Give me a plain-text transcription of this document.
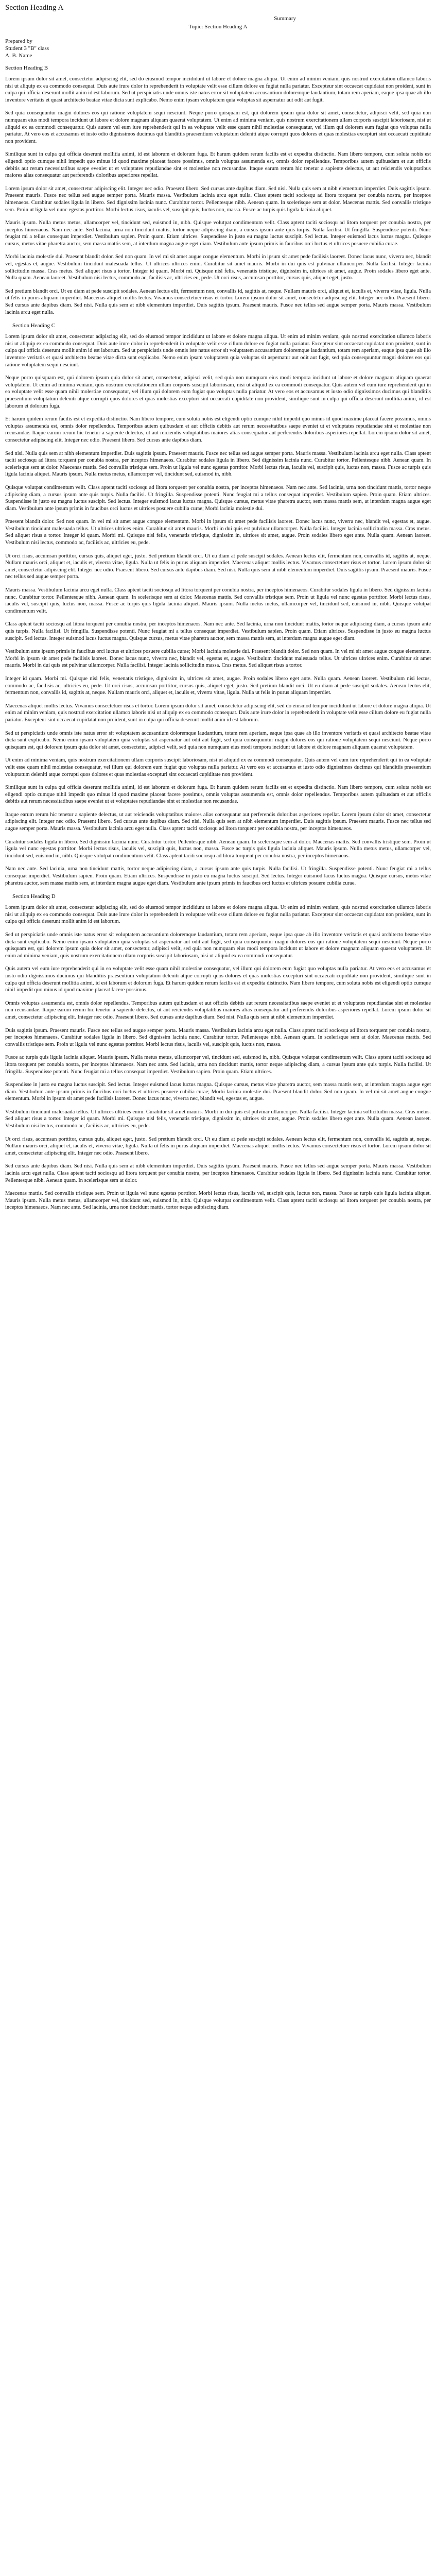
Section Heading A
Summary
Topic: Section Heading A
Prepared by
Student 3 "B" class
A. B. Name
Section Heading B

Lorem ipsum dolor sit amet, consectetur adipiscing elit, sed do eiusmod tempor incididunt ut labore et dolore magna aliqua. Ut enim ad minim veniam, quis nostrud exercitation ullamco laboris nisi ut aliquip ex ea commodo consequat. Duis aute irure dolor in reprehenderit in voluptate velit esse cillum dolore eu fugiat nulla pariatur. Excepteur sint occaecat cupidatat non proident, sunt in culpa qui officia deserunt mollit anim id est laborum. Sed ut perspiciatis unde omnis iste natus error sit voluptatem accusantium doloremque laudantium, totam rem aperiam, eaque ipsa quae ab illo inventore veritatis et quasi architecto beatae vitae dicta sunt explicabo. Nemo enim ipsam voluptatem quia voluptas sit aspernatur aut odit aut fugit.

Sed quia consequuntur magni dolores eos qui ratione voluptatem sequi nesciunt. Neque porro quisquam est, qui dolorem ipsum quia dolor sit amet, consectetur, adipisci velit, sed quia non numquam eius modi tempora incidunt ut labore et dolore magnam aliquam quaerat voluptatem. Ut enim ad minima veniam, quis nostrum exercitationem ullam corporis suscipit laboriosam, nisi ut aliquid ex ea commodi consequatur. Quis autem vel eum iure reprehenderit qui in ea voluptate velit esse quam nihil molestiae consequatur, vel illum qui dolorem eum fugiat quo voluptas nulla pariatur. At vero eos et accusamus et iusto odio dignissimos ducimus qui blanditiis praesentium voluptatum deleniti atque corrupti quos dolores et quas molestias excepturi sint occaecati cupiditate non provident.

Similique sunt in culpa qui officia deserunt mollitia animi, id est laborum et dolorum fuga. Et harum quidem rerum facilis est et expedita distinctio. Nam libero tempore, cum soluta nobis est eligendi optio cumque nihil impedit quo minus id quod maxime placeat facere possimus, omnis voluptas assumenda est, omnis dolor repellendus. Temporibus autem quibusdam et aut officiis debitis aut rerum necessitatibus saepe eveniet ut et voluptates repudiandae sint et molestiae non recusandae. Itaque earum rerum hic tenetur a sapiente delectus, ut aut reiciendis voluptatibus maiores alias consequatur aut perferendis doloribus asperiores repellat.

Lorem ipsum dolor sit amet, consectetur adipiscing elit. Integer nec odio. Praesent libero. Sed cursus ante dapibus diam. Sed nisi. Nulla quis sem at nibh elementum imperdiet. Duis sagittis ipsum. Praesent mauris. Fusce nec tellus sed augue semper porta. Mauris massa. Vestibulum lacinia arcu eget nulla. Class aptent taciti sociosqu ad litora torquent per conubia nostra, per inceptos himenaeos. Curabitur sodales ligula in libero. Sed dignissim lacinia nunc. Curabitur tortor. Pellentesque nibh. Aenean quam. In scelerisque sem at dolor. Maecenas mattis. Sed convallis tristique sem. Proin ut ligula vel nunc egestas porttitor. Morbi lectus risus, iaculis vel, suscipit quis, luctus non, massa. Fusce ac turpis quis ligula lacinia aliquet.

Mauris ipsum. Nulla metus metus, ullamcorper vel, tincidunt sed, euismod in, nibh. Quisque volutpat condimentum velit. Class aptent taciti sociosqu ad litora torquent per conubia nostra, per inceptos himenaeos. Nam nec ante. Sed lacinia, urna non tincidunt mattis, tortor neque adipiscing diam, a cursus ipsum ante quis turpis. Nulla facilisi. Ut fringilla. Suspendisse potenti. Nunc feugiat mi a tellus consequat imperdiet. Vestibulum sapien. Proin quam. Etiam ultrices. Suspendisse in justo eu magna luctus suscipit. Sed lectus. Integer euismod lacus luctus magna. Quisque cursus, metus vitae pharetra auctor, sem massa mattis sem, at interdum magna augue eget diam. Vestibulum ante ipsum primis in faucibus orci luctus et ultrices posuere cubilia curae.

Morbi lacinia molestie dui. Praesent blandit dolor. Sed non quam. In vel mi sit amet augue congue elementum. Morbi in ipsum sit amet pede facilisis laoreet. Donec lacus nunc, viverra nec, blandit vel, egestas et, augue. Vestibulum tincidunt malesuada tellus. Ut ultrices ultrices enim. Curabitur sit amet mauris. Morbi in dui quis est pulvinar ullamcorper. Nulla facilisi. Integer lacinia sollicitudin massa. Cras metus. Sed aliquet risus a tortor. Integer id quam. Morbi mi. Quisque nisl felis, venenatis tristique, dignissim in, ultrices sit amet, augue. Proin sodales libero eget ante. Nulla quam. Aenean laoreet. Vestibulum nisi lectus, commodo ac, facilisis ac, ultricies eu, pede. Ut orci risus, accumsan porttitor, cursus quis, aliquet eget, justo.

Sed pretium blandit orci. Ut eu diam at pede suscipit sodales. Aenean lectus elit, fermentum non, convallis id, sagittis at, neque. Nullam mauris orci, aliquet et, iaculis et, viverra vitae, ligula. Nulla ut felis in purus aliquam imperdiet. Maecenas aliquet mollis lectus. Vivamus consectetuer risus et tortor. Lorem ipsum dolor sit amet, consectetur adipiscing elit. Integer nec odio. Praesent libero. Sed cursus ante dapibus diam. Sed nisi. Nulla quis sem at nibh elementum imperdiet. Duis sagittis ipsum. Praesent mauris. Fusce nec tellus sed augue semper porta. Mauris massa. Vestibulum lacinia arcu eget nulla.

Section Heading C

Lorem ipsum dolor sit amet, consectetur adipiscing elit, sed do eiusmod tempor incididunt ut labore et dolore magna aliqua. Ut enim ad minim veniam, quis nostrud exercitation ullamco laboris nisi ut aliquip ex ea commodo consequat. Duis aute irure dolor in reprehenderit in voluptate velit esse cillum dolore eu fugiat nulla pariatur. Excepteur sint occaecat cupidatat non proident, sunt in culpa qui officia deserunt mollit anim id est laborum. Sed ut perspiciatis unde omnis iste natus error sit voluptatem accusantium doloremque laudantium, totam rem aperiam, eaque ipsa quae ab illo inventore veritatis et quasi architecto beatae vitae dicta sunt explicabo. Nemo enim ipsam voluptatem quia voluptas sit aspernatur aut odit aut fugit, sed quia consequuntur magni dolores eos qui ratione voluptatem sequi nesciunt.

Neque porro quisquam est, qui dolorem ipsum quia dolor sit amet, consectetur, adipisci velit, sed quia non numquam eius modi tempora incidunt ut labore et dolore magnam aliquam quaerat voluptatem. Ut enim ad minima veniam, quis nostrum exercitationem ullam corporis suscipit laboriosam, nisi ut aliquid ex ea commodi consequatur. Quis autem vel eum iure reprehenderit qui in ea voluptate velit esse quam nihil molestiae consequatur, vel illum qui dolorem eum fugiat quo voluptas nulla pariatur. At vero eos et accusamus et iusto odio dignissimos ducimus qui blanditiis praesentium voluptatum deleniti atque corrupti quos dolores et quas molestias excepturi sint occaecati cupiditate non provident, similique sunt in culpa qui officia deserunt mollitia animi, id est laborum et dolorum fuga.

Et harum quidem rerum facilis est et expedita distinctio. Nam libero tempore, cum soluta nobis est eligendi optio cumque nihil impedit quo minus id quod maxime placeat facere possimus, omnis voluptas assumenda est, omnis dolor repellendus. Temporibus autem quibusdam et aut officiis debitis aut rerum necessitatibus saepe eveniet ut et voluptates repudiandae sint et molestiae non recusandae. Itaque earum rerum hic tenetur a sapiente delectus, ut aut reiciendis voluptatibus maiores alias consequatur aut perferendis doloribus asperiores repellat. Lorem ipsum dolor sit amet, consectetur adipiscing elit. Integer nec odio. Praesent libero. Sed cursus ante dapibus diam.

Sed nisi. Nulla quis sem at nibh elementum imperdiet. Duis sagittis ipsum. Praesent mauris. Fusce nec tellus sed augue semper porta. Mauris massa. Vestibulum lacinia arcu eget nulla. Class aptent taciti sociosqu ad litora torquent per conubia nostra, per inceptos himenaeos. Curabitur sodales ligula in libero. Sed dignissim lacinia nunc. Curabitur tortor. Pellentesque nibh. Aenean quam. In scelerisque sem at dolor. Maecenas mattis. Sed convallis tristique sem. Proin ut ligula vel nunc egestas porttitor. Morbi lectus risus, iaculis vel, suscipit quis, luctus non, massa. Fusce ac turpis quis ligula lacinia aliquet. Mauris ipsum. Nulla metus metus, ullamcorper vel, tincidunt sed, euismod in, nibh.

Quisque volutpat condimentum velit. Class aptent taciti sociosqu ad litora torquent per conubia nostra, per inceptos himenaeos. Nam nec ante. Sed lacinia, urna non tincidunt mattis, tortor neque adipiscing diam, a cursus ipsum ante quis turpis. Nulla facilisi. Ut fringilla. Suspendisse potenti. Nunc feugiat mi a tellus consequat imperdiet. Vestibulum sapien. Proin quam. Etiam ultrices. Suspendisse in justo eu magna luctus suscipit. Sed lectus. Integer euismod lacus luctus magna. Quisque cursus, metus vitae pharetra auctor, sem massa mattis sem, at interdum magna augue eget diam. Vestibulum ante ipsum primis in faucibus orci luctus et ultrices posuere cubilia curae; Morbi lacinia molestie dui.

Praesent blandit dolor. Sed non quam. In vel mi sit amet augue congue elementum. Morbi in ipsum sit amet pede facilisis laoreet. Donec lacus nunc, viverra nec, blandit vel, egestas et, augue. Vestibulum tincidunt malesuada tellus. Ut ultrices ultrices enim. Curabitur sit amet mauris. Morbi in dui quis est pulvinar ullamcorper. Nulla facilisi. Integer lacinia sollicitudin massa. Cras metus. Sed aliquet risus a tortor. Integer id quam. Morbi mi. Quisque nisl felis, venenatis tristique, dignissim in, ultrices sit amet, augue. Proin sodales libero eget ante. Nulla quam. Aenean laoreet. Vestibulum nisi lectus, commodo ac, facilisis ac, ultricies eu, pede.

Ut orci risus, accumsan porttitor, cursus quis, aliquet eget, justo. Sed pretium blandit orci. Ut eu diam at pede suscipit sodales. Aenean lectus elit, fermentum non, convallis id, sagittis at, neque. Nullam mauris orci, aliquet et, iaculis et, viverra vitae, ligula. Nulla ut felis in purus aliquam imperdiet. Maecenas aliquet mollis lectus. Vivamus consectetuer risus et tortor. Lorem ipsum dolor sit amet, consectetur adipiscing elit. Integer nec odio. Praesent libero. Sed cursus ante dapibus diam. Sed nisi. Nulla quis sem at nibh elementum imperdiet. Duis sagittis ipsum. Praesent mauris. Fusce nec tellus sed augue semper porta.

Mauris massa. Vestibulum lacinia arcu eget nulla. Class aptent taciti sociosqu ad litora torquent per conubia nostra, per inceptos himenaeos. Curabitur sodales ligula in libero. Sed dignissim lacinia nunc. Curabitur tortor. Pellentesque nibh. Aenean quam. In scelerisque sem at dolor. Maecenas mattis. Sed convallis tristique sem. Proin ut ligula vel nunc egestas porttitor. Morbi lectus risus, iaculis vel, suscipit quis, luctus non, massa. Fusce ac turpis quis ligula lacinia aliquet. Mauris ipsum. Nulla metus metus, ullamcorper vel, tincidunt sed, euismod in, nibh. Quisque volutpat condimentum velit.

Class aptent taciti sociosqu ad litora torquent per conubia nostra, per inceptos himenaeos. Nam nec ante. Sed lacinia, urna non tincidunt mattis, tortor neque adipiscing diam, a cursus ipsum ante quis turpis. Nulla facilisi. Ut fringilla. Suspendisse potenti. Nunc feugiat mi a tellus consequat imperdiet. Vestibulum sapien. Proin quam. Etiam ultrices. Suspendisse in justo eu magna luctus suscipit. Sed lectus. Integer euismod lacus luctus magna. Quisque cursus, metus vitae pharetra auctor, sem massa mattis sem, at interdum magna augue eget diam.

Vestibulum ante ipsum primis in faucibus orci luctus et ultrices posuere cubilia curae; Morbi lacinia molestie dui. Praesent blandit dolor. Sed non quam. In vel mi sit amet augue congue elementum. Morbi in ipsum sit amet pede facilisis laoreet. Donec lacus nunc, viverra nec, blandit vel, egestas et, augue. Vestibulum tincidunt malesuada tellus. Ut ultrices ultrices enim. Curabitur sit amet mauris. Morbi in dui quis est pulvinar ullamcorper. Nulla facilisi. Integer lacinia sollicitudin massa. Cras metus. Sed aliquet risus a tortor.

Integer id quam. Morbi mi. Quisque nisl felis, venenatis tristique, dignissim in, ultrices sit amet, augue. Proin sodales libero eget ante. Nulla quam. Aenean laoreet. Vestibulum nisi lectus, commodo ac, facilisis ac, ultricies eu, pede. Ut orci risus, accumsan porttitor, cursus quis, aliquet eget, justo. Sed pretium blandit orci. Ut eu diam at pede suscipit sodales. Aenean lectus elit, fermentum non, convallis id, sagittis at, neque. Nullam mauris orci, aliquet et, iaculis et, viverra vitae, ligula. Nulla ut felis in purus aliquam imperdiet.

Maecenas aliquet mollis lectus. Vivamus consectetuer risus et tortor. Lorem ipsum dolor sit amet, consectetur adipiscing elit, sed do eiusmod tempor incididunt ut labore et dolore magna aliqua. Ut enim ad minim veniam, quis nostrud exercitation ullamco laboris nisi ut aliquip ex ea commodo consequat. Duis aute irure dolor in reprehenderit in voluptate velit esse cillum dolore eu fugiat nulla pariatur. Excepteur sint occaecat cupidatat non proident, sunt in culpa qui officia deserunt mollit anim id est laborum.

Sed ut perspiciatis unde omnis iste natus error sit voluptatem accusantium doloremque laudantium, totam rem aperiam, eaque ipsa quae ab illo inventore veritatis et quasi architecto beatae vitae dicta sunt explicabo. Nemo enim ipsam voluptatem quia voluptas sit aspernatur aut odit aut fugit, sed quia consequuntur magni dolores eos qui ratione voluptatem sequi nesciunt. Neque porro quisquam est, qui dolorem ipsum quia dolor sit amet, consectetur, adipisci velit, sed quia non numquam eius modi tempora incidunt ut labore et dolore magnam aliquam quaerat voluptatem.

Ut enim ad minima veniam, quis nostrum exercitationem ullam corporis suscipit laboriosam, nisi ut aliquid ex ea commodi consequatur. Quis autem vel eum iure reprehenderit qui in ea voluptate velit esse quam nihil molestiae consequatur, vel illum qui dolorem eum fugiat quo voluptas nulla pariatur. At vero eos et accusamus et iusto odio dignissimos ducimus qui blanditiis praesentium voluptatum deleniti atque corrupti quos dolores et quas molestias excepturi sint occaecati cupiditate non provident.

Similique sunt in culpa qui officia deserunt mollitia animi, id est laborum et dolorum fuga. Et harum quidem rerum facilis est et expedita distinctio. Nam libero tempore, cum soluta nobis est eligendi optio cumque nihil impedit quo minus id quod maxime placeat facere possimus, omnis voluptas assumenda est, omnis dolor repellendus. Temporibus autem quibusdam et aut officiis debitis aut rerum necessitatibus saepe eveniet ut et voluptates repudiandae sint et molestiae non recusandae.

Itaque earum rerum hic tenetur a sapiente delectus, ut aut reiciendis voluptatibus maiores alias consequatur aut perferendis doloribus asperiores repellat. Lorem ipsum dolor sit amet, consectetur adipiscing elit. Integer nec odio. Praesent libero. Sed cursus ante dapibus diam. Sed nisi. Nulla quis sem at nibh elementum imperdiet. Duis sagittis ipsum. Praesent mauris. Fusce nec tellus sed augue semper porta. Mauris massa. Vestibulum lacinia arcu eget nulla. Class aptent taciti sociosqu ad litora torquent per conubia nostra, per inceptos himenaeos.

Curabitur sodales ligula in libero. Sed dignissim lacinia nunc. Curabitur tortor. Pellentesque nibh. Aenean quam. In scelerisque sem at dolor. Maecenas mattis. Sed convallis tristique sem. Proin ut ligula vel nunc egestas porttitor. Morbi lectus risus, iaculis vel, suscipit quis, luctus non, massa. Fusce ac turpis quis ligula lacinia aliquet. Mauris ipsum. Nulla metus metus, ullamcorper vel, tincidunt sed, euismod in, nibh. Quisque volutpat condimentum velit. Class aptent taciti sociosqu ad litora torquent per conubia nostra, per inceptos himenaeos.

Nam nec ante. Sed lacinia, urna non tincidunt mattis, tortor neque adipiscing diam, a cursus ipsum ante quis turpis. Nulla facilisi. Ut fringilla. Suspendisse potenti. Nunc feugiat mi a tellus consequat imperdiet. Vestibulum sapien. Proin quam. Etiam ultrices. Suspendisse in justo eu magna luctus suscipit. Sed lectus. Integer euismod lacus luctus magna. Quisque cursus, metus vitae pharetra auctor, sem massa mattis sem, at interdum magna augue eget diam. Vestibulum ante ipsum primis in faucibus orci luctus et ultrices posuere cubilia curae.

Section Heading D

Lorem ipsum dolor sit amet, consectetur adipiscing elit, sed do eiusmod tempor incididunt ut labore et dolore magna aliqua. Ut enim ad minim veniam, quis nostrud exercitation ullamco laboris nisi ut aliquip ex ea commodo consequat. Duis aute irure dolor in reprehenderit in voluptate velit esse cillum dolore eu fugiat nulla pariatur. Excepteur sint occaecat cupidatat non proident, sunt in culpa qui officia deserunt mollit anim id est laborum.

Sed ut perspiciatis unde omnis iste natus error sit voluptatem accusantium doloremque laudantium, totam rem aperiam, eaque ipsa quae ab illo inventore veritatis et quasi architecto beatae vitae dicta sunt explicabo. Nemo enim ipsam voluptatem quia voluptas sit aspernatur aut odit aut fugit, sed quia consequuntur magni dolores eos qui ratione voluptatem sequi nesciunt. Neque porro quisquam est, qui dolorem ipsum quia dolor sit amet, consectetur, adipisci velit, sed quia non numquam eius modi tempora incidunt ut labore et dolore magnam aliquam quaerat voluptatem. Ut enim ad minima veniam, quis nostrum exercitationem ullam corporis suscipit laboriosam, nisi ut aliquid ex ea commodi consequatur.

Quis autem vel eum iure reprehenderit qui in ea voluptate velit esse quam nihil molestiae consequatur, vel illum qui dolorem eum fugiat quo voluptas nulla pariatur. At vero eos et accusamus et iusto odio dignissimos ducimus qui blanditiis praesentium voluptatum deleniti atque corrupti quos dolores et quas molestias excepturi sint occaecati cupiditate non provident, similique sunt in culpa qui officia deserunt mollitia animi, id est laborum et dolorum fuga. Et harum quidem rerum facilis est et expedita distinctio. Nam libero tempore, cum soluta nobis est eligendi optio cumque nihil impedit quo minus id quod maxime placeat facere possimus.

Omnis voluptas assumenda est, omnis dolor repellendus. Temporibus autem quibusdam et aut officiis debitis aut rerum necessitatibus saepe eveniet ut et voluptates repudiandae sint et molestiae non recusandae. Itaque earum rerum hic tenetur a sapiente delectus, ut aut reiciendis voluptatibus maiores alias consequatur aut perferendis doloribus asperiores repellat. Lorem ipsum dolor sit amet, consectetur adipiscing elit. Integer nec odio. Praesent libero. Sed cursus ante dapibus diam. Sed nisi. Nulla quis sem at nibh elementum imperdiet.

Duis sagittis ipsum. Praesent mauris. Fusce nec tellus sed augue semper porta. Mauris massa. Vestibulum lacinia arcu eget nulla. Class aptent taciti sociosqu ad litora torquent per conubia nostra, per inceptos himenaeos. Curabitur sodales ligula in libero. Sed dignissim lacinia nunc. Curabitur tortor. Pellentesque nibh. Aenean quam. In scelerisque sem at dolor. Maecenas mattis. Sed convallis tristique sem. Proin ut ligula vel nunc egestas porttitor. Morbi lectus risus, iaculis vel, suscipit quis, luctus non, massa.

Fusce ac turpis quis ligula lacinia aliquet. Mauris ipsum. Nulla metus metus, ullamcorper vel, tincidunt sed, euismod in, nibh. Quisque volutpat condimentum velit. Class aptent taciti sociosqu ad litora torquent per conubia nostra, per inceptos himenaeos. Nam nec ante. Sed lacinia, urna non tincidunt mattis, tortor neque adipiscing diam, a cursus ipsum ante quis turpis. Nulla facilisi. Ut fringilla. Suspendisse potenti. Nunc feugiat mi a tellus consequat imperdiet. Vestibulum sapien. Proin quam. Etiam ultrices.

Suspendisse in justo eu magna luctus suscipit. Sed lectus. Integer euismod lacus luctus magna. Quisque cursus, metus vitae pharetra auctor, sem massa mattis sem, at interdum magna augue eget diam. Vestibulum ante ipsum primis in faucibus orci luctus et ultrices posuere cubilia curae; Morbi lacinia molestie dui. Praesent blandit dolor. Sed non quam. In vel mi sit amet augue congue elementum. Morbi in ipsum sit amet pede facilisis laoreet. Donec lacus nunc, viverra nec, blandit vel, egestas et, augue.

Vestibulum tincidunt malesuada tellus. Ut ultrices ultrices enim. Curabitur sit amet mauris. Morbi in dui quis est pulvinar ullamcorper. Nulla facilisi. Integer lacinia sollicitudin massa. Cras metus. Sed aliquet risus a tortor. Integer id quam. Morbi mi. Quisque nisl felis, venenatis tristique, dignissim in, ultrices sit amet, augue. Proin sodales libero eget ante. Nulla quam. Aenean laoreet. Vestibulum nisi lectus, commodo ac, facilisis ac, ultricies eu, pede.

Ut orci risus, accumsan porttitor, cursus quis, aliquet eget, justo. Sed pretium blandit orci. Ut eu diam at pede suscipit sodales. Aenean lectus elit, fermentum non, convallis id, sagittis at, neque. Nullam mauris orci, aliquet et, iaculis et, viverra vitae, ligula. Nulla ut felis in purus aliquam imperdiet. Maecenas aliquet mollis lectus. Vivamus consectetuer risus et tortor. Lorem ipsum dolor sit amet, consectetur adipiscing elit. Integer nec odio. Praesent libero.

Sed cursus ante dapibus diam. Sed nisi. Nulla quis sem at nibh elementum imperdiet. Duis sagittis ipsum. Praesent mauris. Fusce nec tellus sed augue semper porta. Mauris massa. Vestibulum lacinia arcu eget nulla. Class aptent taciti sociosqu ad litora torquent per conubia nostra, per inceptos himenaeos. Curabitur sodales ligula in libero. Sed dignissim lacinia nunc. Curabitur tortor. Pellentesque nibh. Aenean quam. In scelerisque sem at dolor.

Maecenas mattis. Sed convallis tristique sem. Proin ut ligula vel nunc egestas porttitor. Morbi lectus risus, iaculis vel, suscipit quis, luctus non, massa. Fusce ac turpis quis ligula lacinia aliquet. Mauris ipsum. Nulla metus metus, ullamcorper vel, tincidunt sed, euismod in, nibh. Quisque volutpat condimentum velit. Class aptent taciti sociosqu ad litora torquent per conubia nostra, per inceptos himenaeos. Nam nec ante. Sed lacinia, urna non tincidunt mattis, tortor neque adipiscing diam.
